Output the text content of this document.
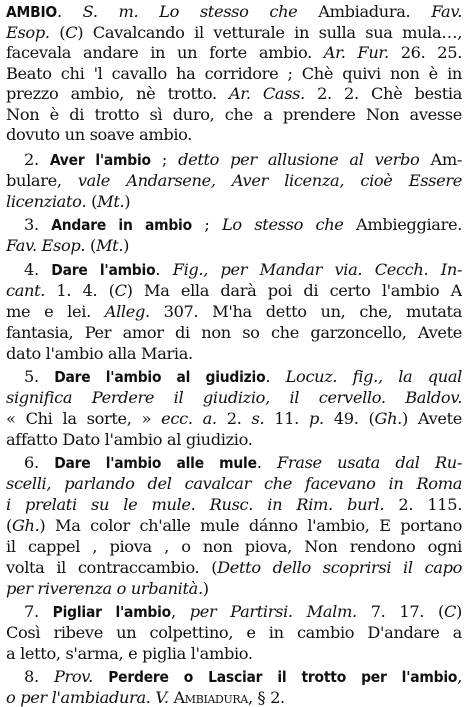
AMBIO. S. m. Lo stesso che Ambiadura. Fav.
Esop. (C) Cavalcando il vetturale in sulla sua mula…,
facevala andare in un forte ambio. Ar. Fur. 26. 25.
Beato chi 'l cavallo ha corridore ; Chè quivi non è in
prezzo ambio, nè trotto. Ar. Cass. 2. 2. Chè bestia
Non è di trotto sì duro, che a prendere Non avesse
dovuto un soave ambio.
2. Aver l'ambio ; detto per allusione al verbo Am-
bulare, vale Andarsene, Aver licenza, cioè Essere
licenziato. (Mt.)
3. Andare in ambio ; Lo stesso che Ambieggiare.
Fav. Esop. (Mt.)
4. Dare l'ambio. Fig., per Mandar via. Cecch. In-
cant. 1. 4. (C) Ma ella darà poi di certo l'ambio A
me e lei. Alleg. 307. M'ha detto un, che, mutata
fantasia, Per amor di non so che garzoncello, Avete
dato l'ambio alla Maria.
5. Dare l'ambio al giudizio. Locuz. fig., la qual
significa Perdere il giudizio, il cervello. Baldov.
« Chi la sorte, » ecc. a. 2. s. 11. p. 49. (Gh.) Avete
affatto Dato l'ambio al giudizio.
6. Dare l'ambio alle mule. Frase usata dal Ru-
scelli, parlando del cavalcar che facevano in Roma
i prelati su le mule. Rusc. in Rim. burl. 2. 115.
(Gh.) Ma color ch'alle mule dánno l'ambio, E portano
il cappel , piova , o non piova, Non rendono ogni
volta il contraccambio. (Detto dello scoprirsi il capo
per riverenza o urbanità.)
7. Pigliar l'ambio, per Partirsi. Malm. 7. 17. (C)
Così ribeve un colpettino, e in cambio D'andare a
a letto, s'arma, e piglia l'ambio.
8. Prov. Perdere o Lasciar il trotto per l'ambio,
o per l'ambiadura. V. Ambiadura, § 2.
